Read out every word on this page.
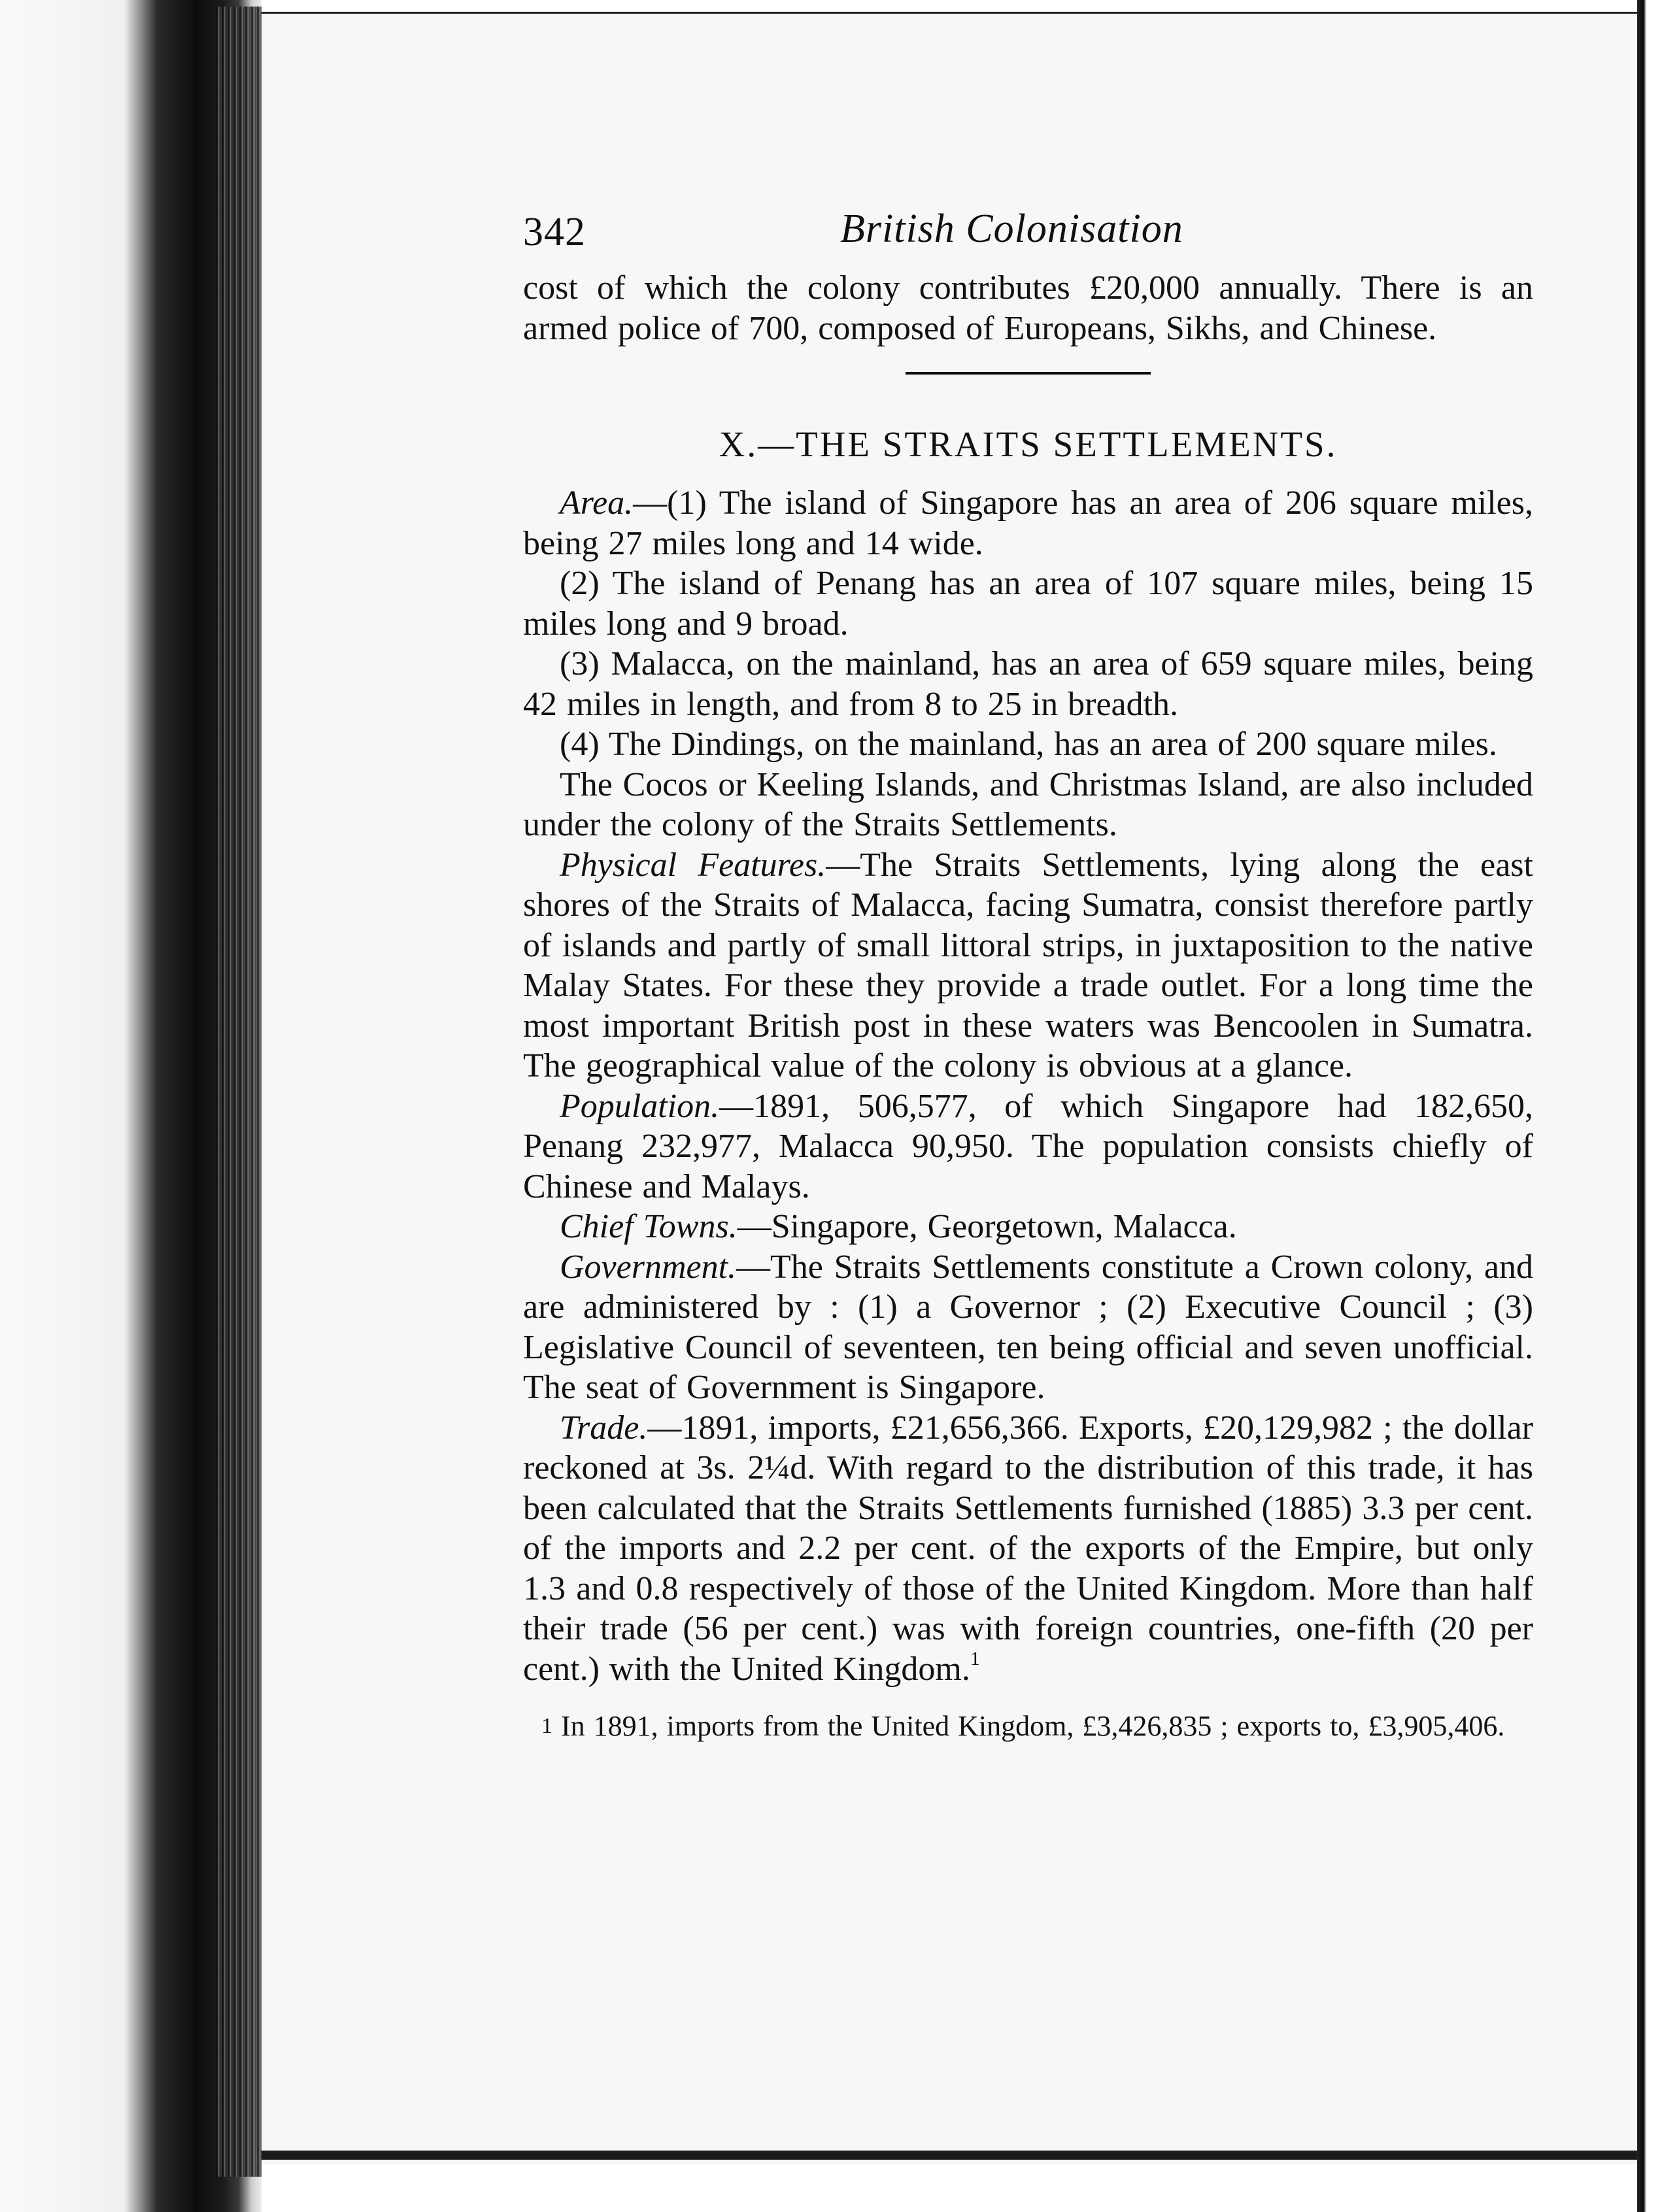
342	British Colonisation

cost of which the colony contributes £20,000 annually. There is an armed police of 700, composed of Europeans, Sikhs, and Chinese.

X.—THE STRAITS SETTLEMENTS.

Area.—(1) The island of Singapore has an area of 206 square miles, being 27 miles long and 14 wide.

(2) The island of Penang has an area of 107 square miles, being 15 miles long and 9 broad.

(3) Malacca, on the mainland, has an area of 659 square miles, being 42 miles in length, and from 8 to 25 in breadth.

(4) The Dindings, on the mainland, has an area of 200 square miles.

The Cocos or Keeling Islands, and Christmas Island, are also included under the colony of the Straits Settlements.

Physical Features.—The Straits Settlements, lying along the east shores of the Straits of Malacca, facing Sumatra, consist therefore partly of islands and partly of small littoral strips, in juxtaposition to the native Malay States. For these they provide a trade outlet. For a long time the most important British post in these waters was Bencoolen in Sumatra. The geographical value of the colony is obvious at a glance.

Population.—1891, 506,577, of which Singapore had 182,650, Penang 232,977, Malacca 90,950. The population consists chiefly of Chinese and Malays.

Chief Towns.—Singapore, Georgetown, Malacca.

Government.—The Straits Settlements constitute a Crown colony, and are administered by : (1) a Governor ; (2) Executive Council ; (3) Legislative Council of seventeen, ten being official and seven unofficial. The seat of Government is Singapore.

Trade.—1891, imports, £21,656,366. Exports, £20,129,982 ; the dollar reckoned at 3s. 2¼d. With regard to the distribution of this trade, it has been calculated that the Straits Settlements furnished (1885) 3.3 per cent. of the imports and 2.2 per cent. of the exports of the Empire, but only 1.3 and 0.8 respectively of those of the United Kingdom. More than half their trade (56 per cent.) was with foreign countries, one-fifth (20 per cent.) with the United Kingdom.$^1$

$^1$ In 1891, imports from the United Kingdom, £3,426,835 ; exports to, £3,905,406.
